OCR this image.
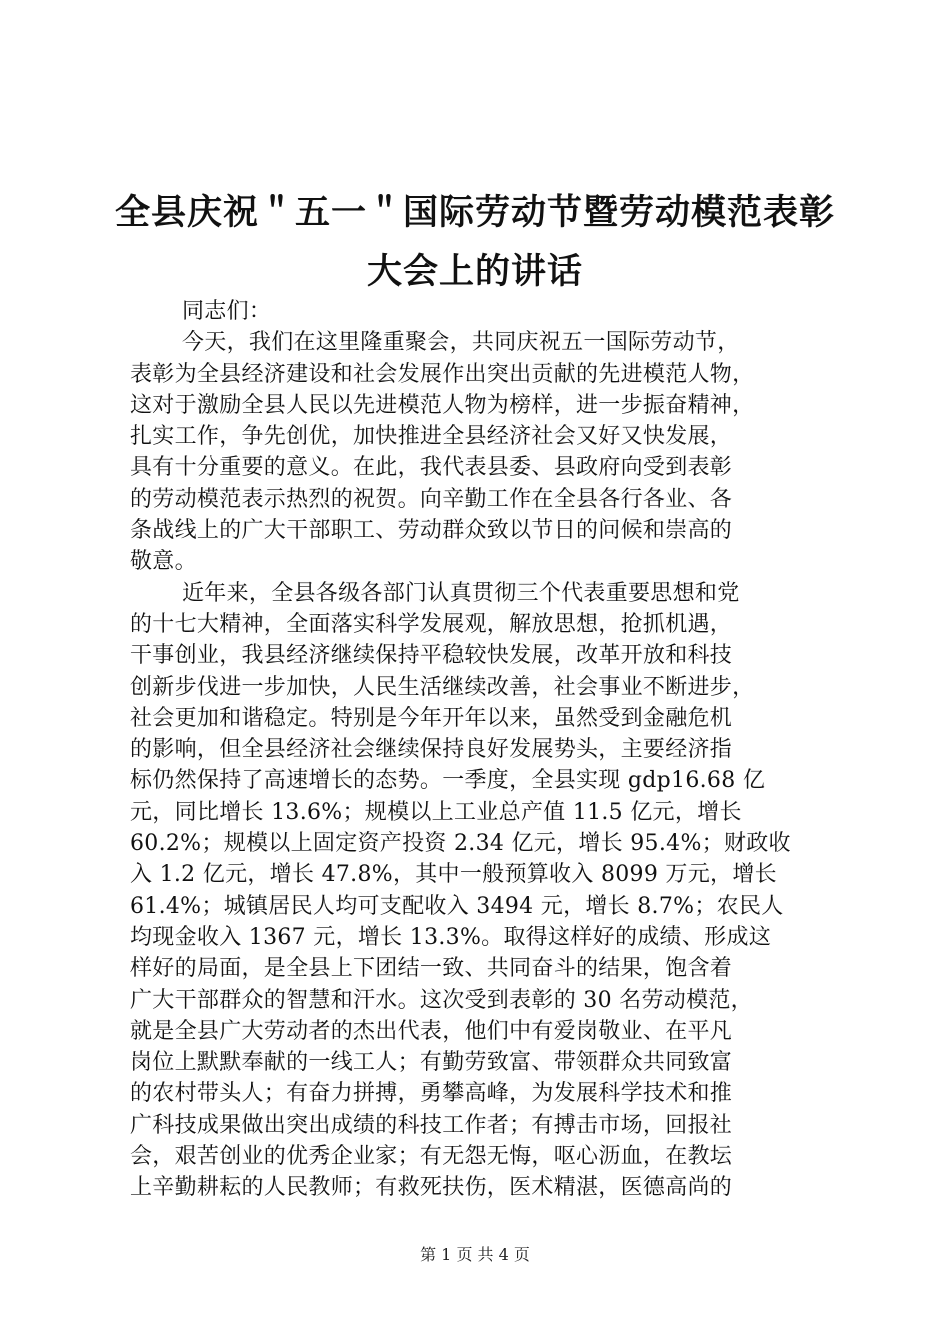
全县庆祝＂五一＂国际劳动节暨劳动模范表彰
大会上的讲话
同志们：
今天，我们在这里隆重聚会，共同庆祝五一国际劳动节，
表彰为全县经济建设和社会发展作出突出贡献的先进模范人物，
这对于激励全县人民以先进模范人物为榜样，进一步振奋精神，
扎实工作，争先创优，加快推进全县经济社会又好又快发展，
具有十分重要的意义。在此，我代表县委、县政府向受到表彰
的劳动模范表示热烈的祝贺。向辛勤工作在全县各行各业、各
条战线上的广大干部职工、劳动群众致以节日的问候和崇高的
敬意。
近年来，全县各级各部门认真贯彻三个代表重要思想和党
的十七大精神，全面落实科学发展观，解放思想，抢抓机遇，
干事创业，我县经济继续保持平稳较快发展，改革开放和科技
创新步伐进一步加快，人民生活继续改善，社会事业不断进步，
社会更加和谐稳定。特别是今年开年以来，虽然受到金融危机
的影响，但全县经济社会继续保持良好发展势头，主要经济指
标仍然保持了高速增长的态势。一季度，全县实现 gdp16.68 亿
元，同比增长 13.6%；规模以上工业总产值 11.5 亿元，增长
60.2%；规模以上固定资产投资 2.34 亿元，增长 95.4%；财政收
入 1.2 亿元，增长 47.8%，其中一般预算收入 8099 万元，增长
61.4%；城镇居民人均可支配收入 3494 元，增长 8.7%；农民人
均现金收入 1367 元，增长 13.3%。取得这样好的成绩、形成这
样好的局面，是全县上下团结一致、共同奋斗的结果，饱含着
广大干部群众的智慧和汗水。这次受到表彰的 30 名劳动模范，
就是全县广大劳动者的杰出代表，他们中有爱岗敬业、在平凡
岗位上默默奉献的一线工人；有勤劳致富、带领群众共同致富
的农村带头人；有奋力拼搏，勇攀高峰，为发展科学技术和推
广科技成果做出突出成绩的科技工作者；有搏击市场，回报社
会，艰苦创业的优秀企业家；有无怨无悔，呕心沥血，在教坛
上辛勤耕耘的人民教师；有救死扶伤，医术精湛，医德高尚的
第 1 页 共 4 页
